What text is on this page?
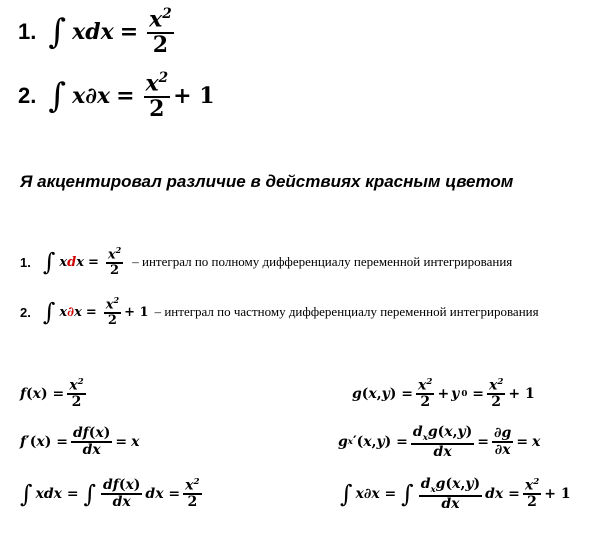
1. ∫ xdx = $\frac{x^2}{2}$
2. ∫ $x\partial x = \frac{x^2}{2} + 1$
Я акцентировал различие в действиях красным цветом
1. ∫ xdx = $\frac{x^2}{2}$ – интеграл по полному дифференциалу переменной интегрирования
2. ∫ $x\partial x = \frac{x^2}{2} + 1$ – интеграл по частному дифференциалу переменной интегрирования
f ( x ) = $\frac{x^2}{2}$
f ′( x ) = $\frac{df(x)}{dx} = x$
∫ xdx = ∫ $\frac{df(x)}{dx}$ dx = $\frac{x^2}{2}$
g ( x , y ) = $\frac{x^2}{2} + y$ $0 = \frac{x^2}{2} + 1$
g x ′( x , y ) = $\frac{d_xg(x,y)}{dx} = \frac{\partial g}{\partial x} = x$
∫ x∂x = ∫ $\frac{d_xg(x,y)}{dx}$ dx = $\frac{x^2}{2} + 1$
